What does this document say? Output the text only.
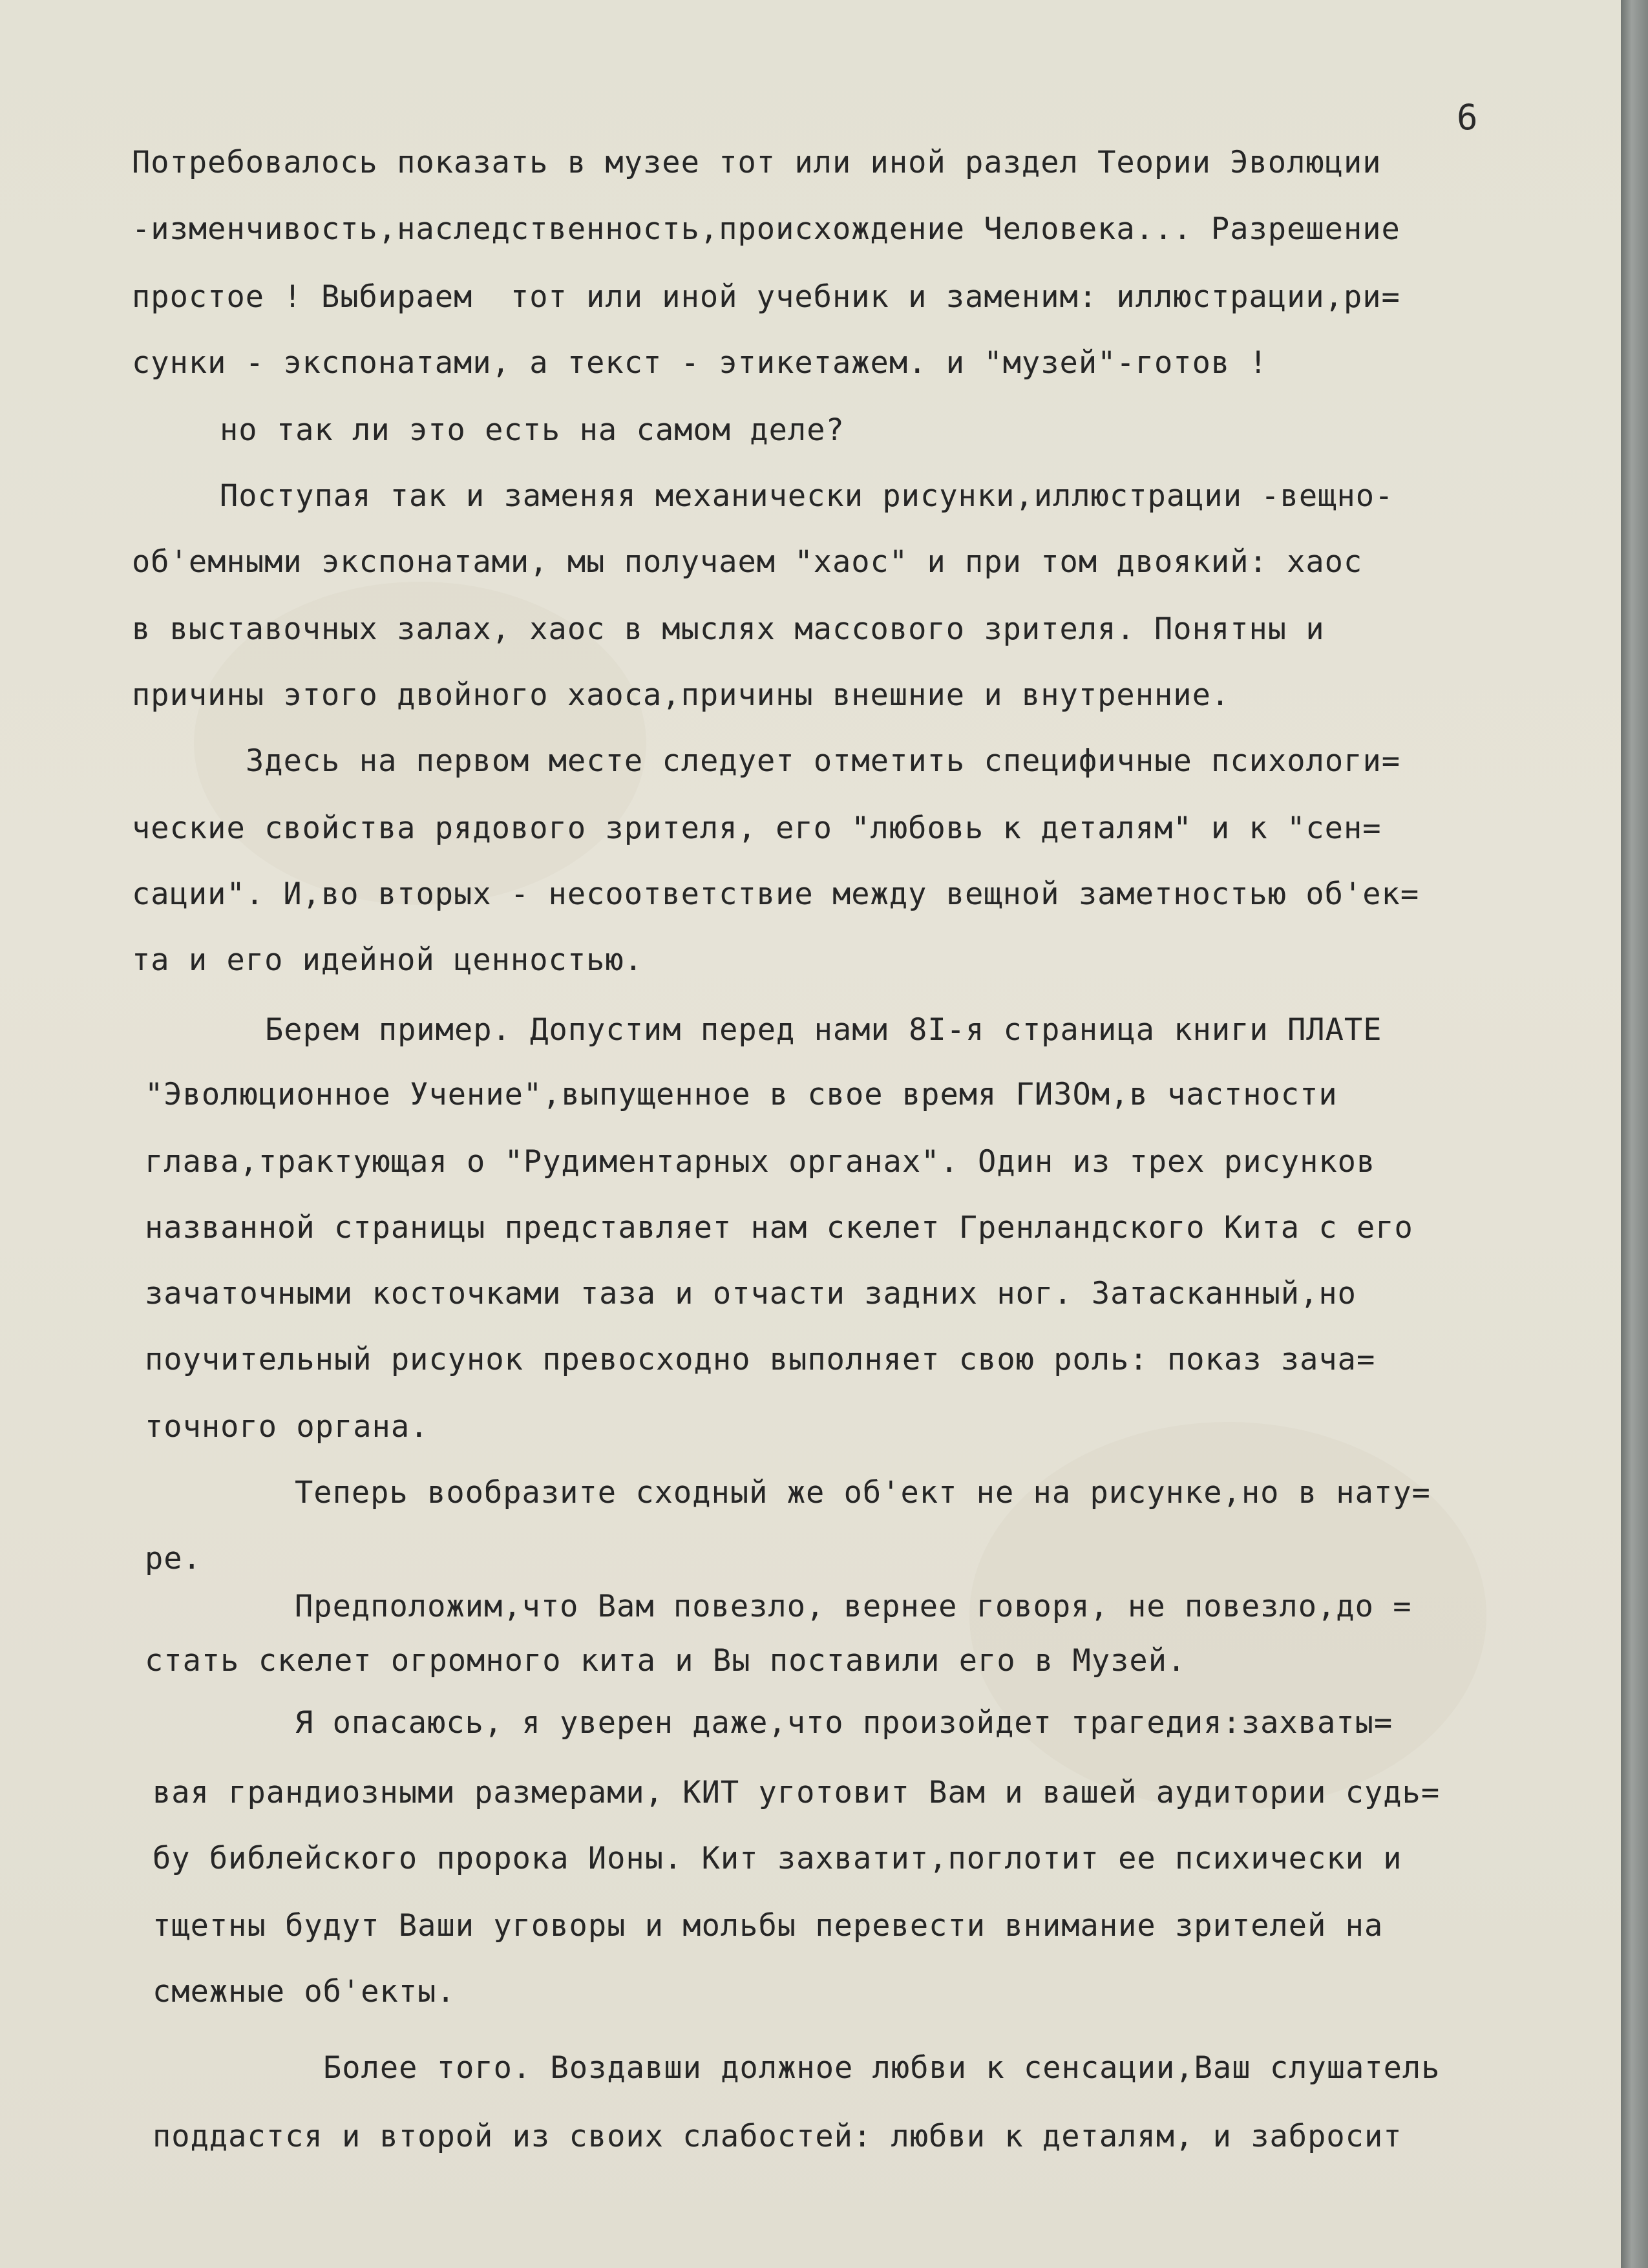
6
Потребовалось показать в музее тот или иной раздел Теории Эволюции
-изменчивость,наследственность,происхождение Человека... Разрешение
простое ! Выбираем  тот или иной учебник и заменим: иллюстрации,ри=
сунки - экспонатами, а текст - этикетажем. и "музей"-готов !
но так ли это есть на самом деле?
Поступая так и заменяя механически рисунки,иллюстрации -вещно-
об'емными экспонатами, мы получаем "хаос" и при том двоякий: хаос
в выставочных залах, хаос в мыслях массового зрителя. Понятны и
причины этого двойного хаоса,причины внешние и внутренние.
Здесь на первом месте следует отметить специфичные психологи=
ческие свойства рядового зрителя, его "любовь к деталям" и к "сен=
сации". И,во вторых - несоответствие между вещной заметностью об'ек=
та и его идейной ценностью.
Берем пример. Допустим перед нами 8I-я страница книги ПЛАТЕ
"Эволюционное Учение",выпущенное в свое время ГИЗОм,в частности
глава,трактующая о "Рудиментарных органах". Один из трех рисунков
названной страницы представляет нам скелет Гренландского Кита с его
зачаточными косточками таза и отчасти задних ног. Затасканный,но
поучительный рисунок превосходно выполняет свою роль: показ зача=
точного органа.
Теперь вообразите сходный же об'ект не на рисунке,но в нату=
ре.
Предположим,что Вам повезло, вернее говоря, не повезло,до =
стать скелет огромного кита и Вы поставили его в Музей.
Я опасаюсь, я уверен даже,что произойдет трагедия:захваты=
вая грандиозными размерами, КИТ уготовит Вам и вашей аудитории судь=
бу библейского пророка Ионы. Кит захватит,поглотит ее психически и
тщетны будут Ваши уговоры и мольбы перевести внимание зрителей на
смежные об'екты.
Более того. Воздавши должное любви к сенсации,Ваш слушатель
поддастся и второй из своих слабостей: любви к деталям, и забросит
